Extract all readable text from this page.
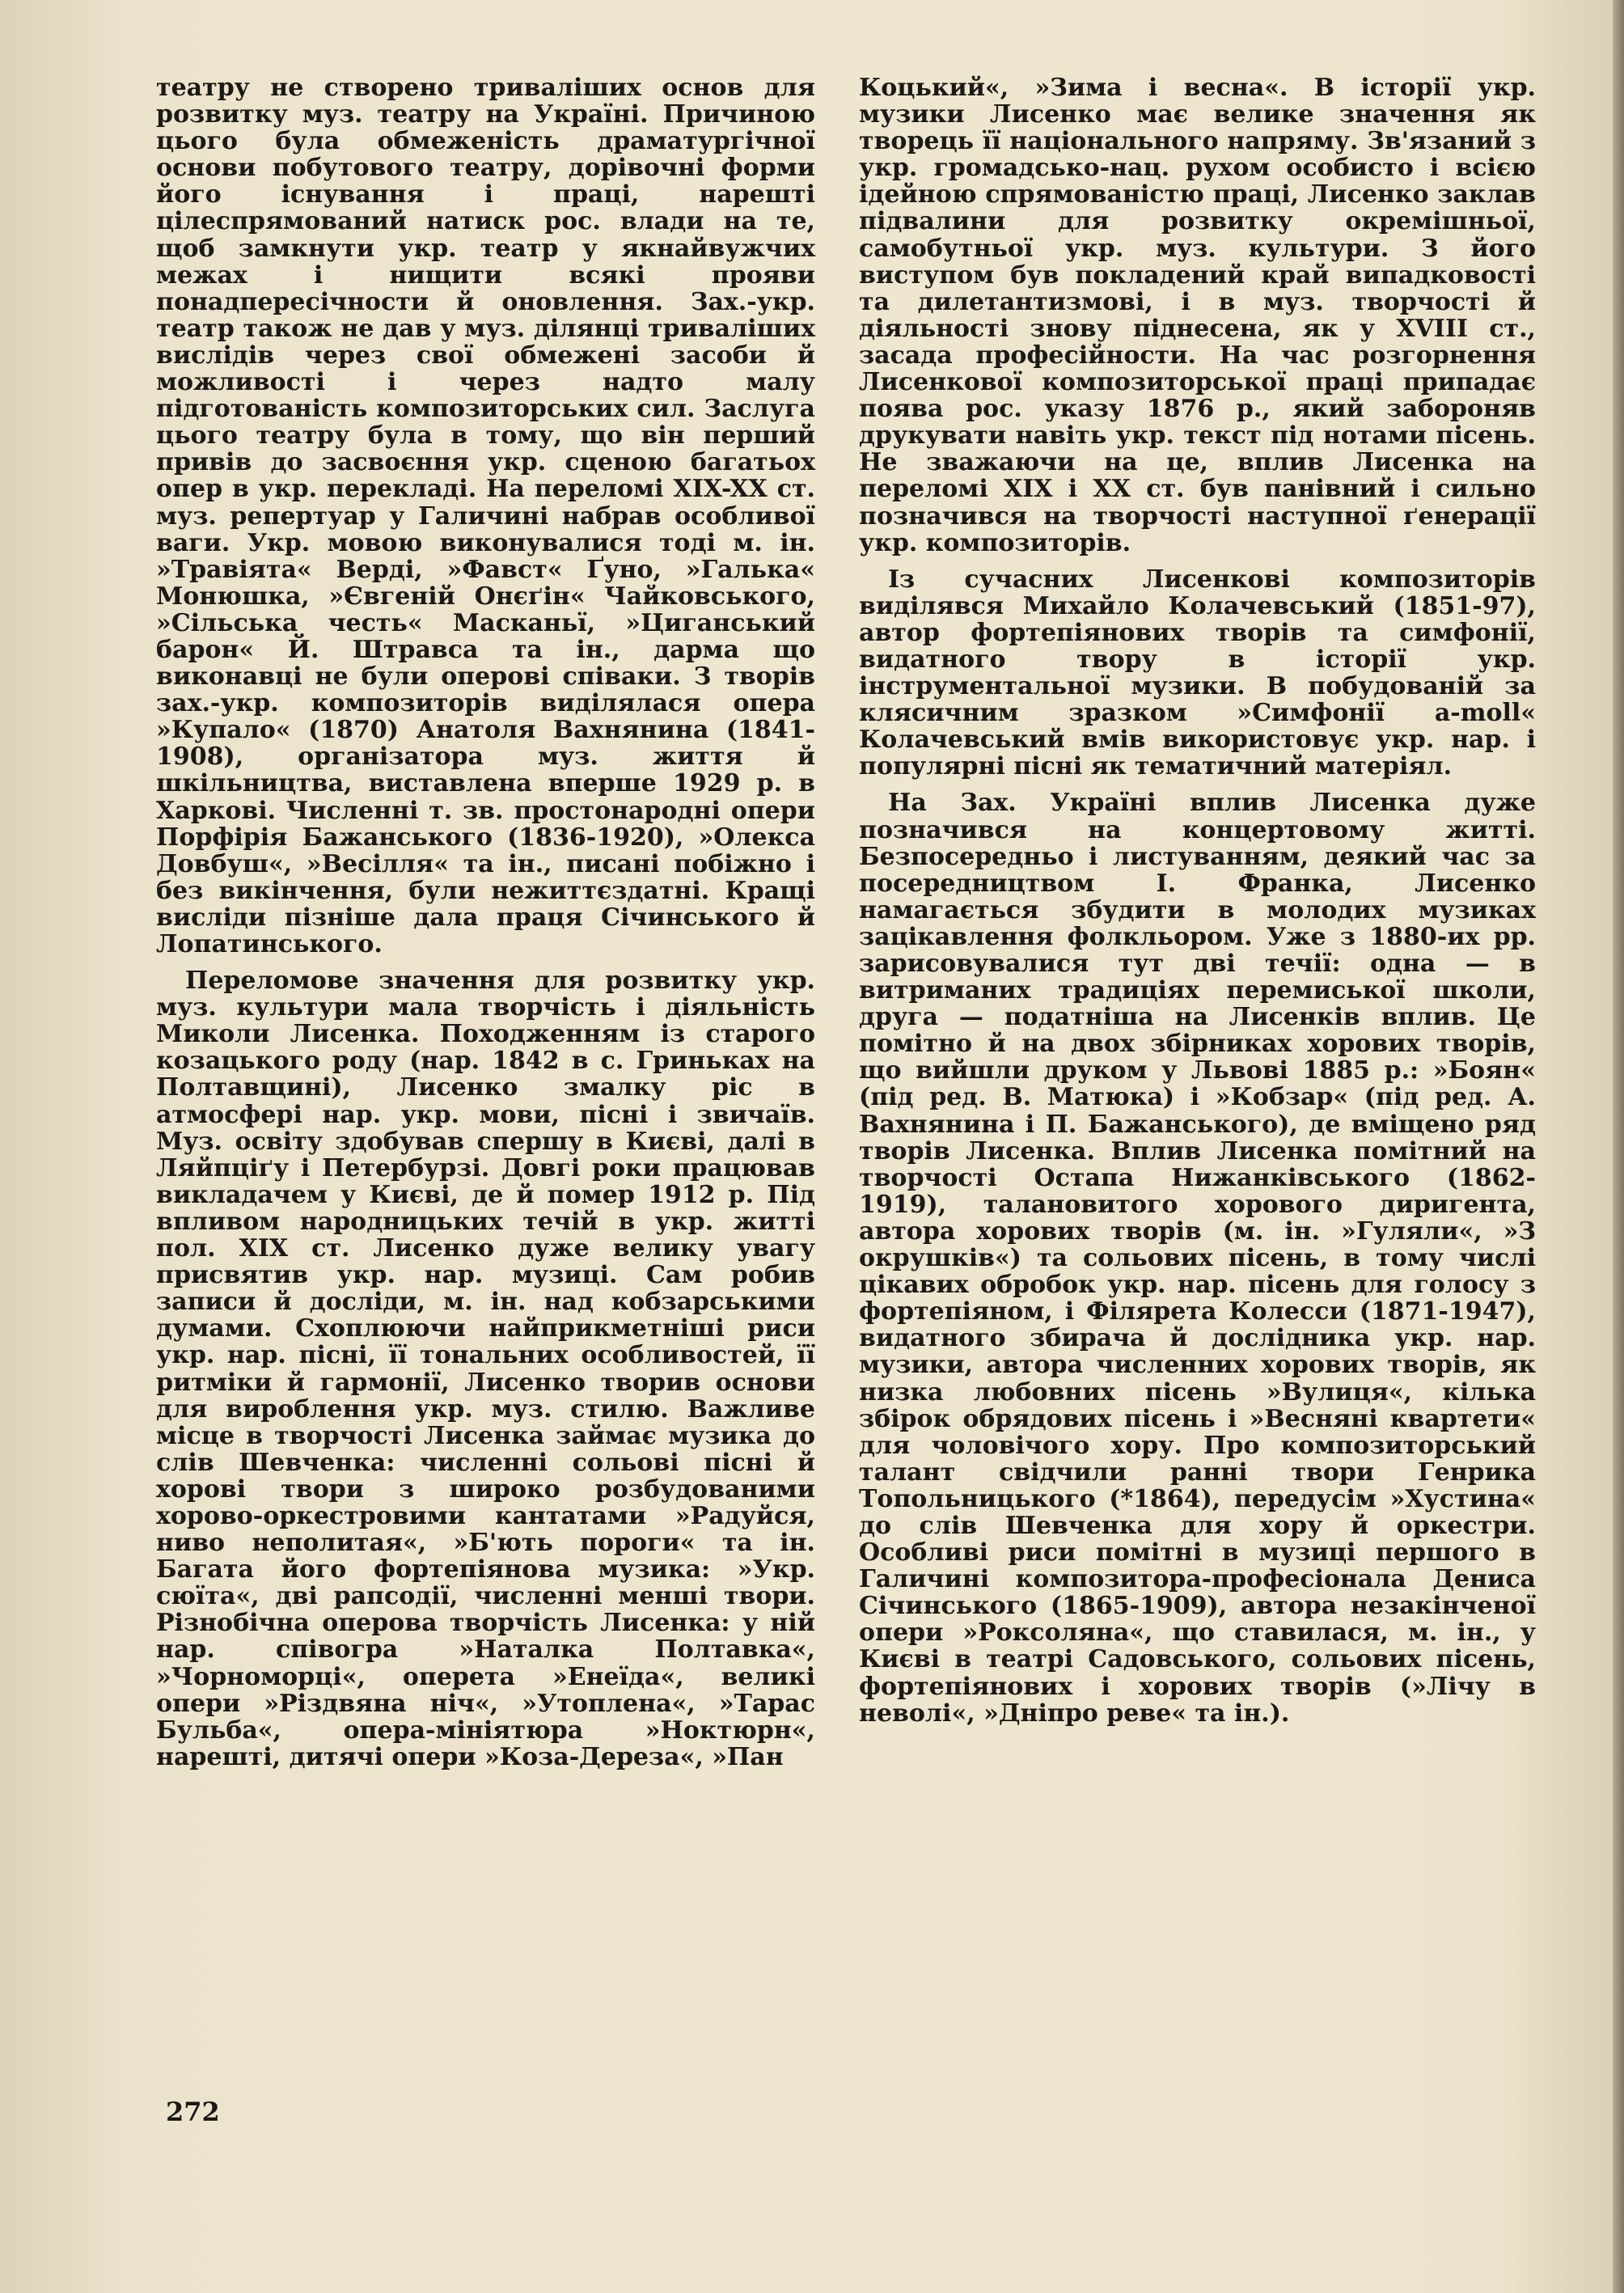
театру не створено триваліших основ для розвитку муз. театру на Україні. Причиною цього була обмеженість драматургічної основи побутового театру, дорівочні форми його існування і праці, нарешті цілеспрямований натиск рос. влади на те, щоб замкнути укр. театр у якнайвужчих межах і нищити всякі прояви понадпересічности й оновлення. Зах.-укр. театр також не дав у муз. ділянці триваліших вислідів через свої обмежені засоби й можливості і через надто малу підготованість композиторських сил. Заслуга цього театру була в тому, що він перший привів до засвоєння укр. сценою багатьох опер в укр. перекладі. На переломі XIX-XX ст. муз. репертуар у Галичині набрав особливої ваги. Укр. мовою виконувалися тоді м. ін. »Травіята« Верді, »Фавст« Ґуно, »Галька« Монюшка, »Євгеній Онєґін« Чайковського, »Сільська честь« Масканьї, »Циганський барон« Й. Штравса та ін., дарма що виконавці не були оперові співаки. З творів зах.-укр. композиторів виділялася опера »Купало« (1870) Анатоля Вахнянина (1841-1908), організатора муз. життя й шкільництва, виставлена вперше 1929 р. в Харкові. Численні т. зв. простонародні опери Порфірія Бажанського (1836-1920), »Олекса Довбуш«, »Весілля« та ін., писані побіжно і без викінчення, були нежиттєздатні. Кращі висліди пізніше дала праця Січинського й Лопатинського.

Переломове значення для розвитку укр. муз. культури мала творчість і діяльність Миколи Лисенка. Походженням із старого козацького роду (нар. 1842 в с. Гриньках на Полтавщині), Лисенко змалку ріс в атмосфері нар. укр. мови, пісні і звичаїв. Муз. освіту здобував спершу в Києві, далі в Ляйпціґу і Петербурзі. Довгі роки працював викладачем у Києві, де й помер 1912 р. Під впливом народницьких течій в укр. житті пол. XIX ст. Лисенко дуже велику увагу присвятив укр. нар. музиці. Сам робив записи й досліди, м. ін. над кобзарськими думами. Схоплюючи найприкметніші риси укр. нар. пісні, її тональних особливостей, її ритміки й гармонії, Лисенко творив основи для вироблення укр. муз. стилю. Важливе місце в творчості Лисенка займає музика до слів Шевченка: численні сольові пісні й хорові твори з широко розбудованими хорово-оркестровими кантатами »Радуйся, ниво неполитая«, »Б'ють пороги« та ін. Багата його фортепіянова музика: »Укр. сюїта«, дві рапсодії, численні менші твори. Різнобічна оперова творчість Лисенка: у ній нар. співогра »Наталка Полтавка«, »Чорноморці«, оперета »Енеїда«, великі опери »Різдвяна ніч«, »Утоплена«, »Тарас Бульба«, опера-мініятюра »Ноктюрн«, нарешті, дитячі опери »Коза-Дереза«, »Пан

Коцький«, »Зима і весна«. В історії укр. музики Лисенко має велике значення як творець її національного напряму. Зв'язаний з укр. громадсько-нац. рухом особисто і всією ідейною спрямованістю праці, Лисенко заклав підвалини для розвитку окремішньої, самобутньої укр. муз. культури. З його виступом був покладений край випадковості та дилетантизмові, і в муз. творчості й діяльності знову піднесена, як у XVIII ст., засада професійности. На час розгорнення Лисенкової композиторської праці припадає поява рос. указу 1876 р., який забороняв друкувати навіть укр. текст під нотами пісень. Не зважаючи на це, вплив Лисенка на переломі XIX і XX ст. був панівний і сильно позначився на творчості наступної ґенерації укр. композиторів.

Із сучасних Лисенкові композиторів виділявся Михайло Колачевський (1851-97), автор фортепіянових творів та симфонії, видатного твору в історії укр. інструментальної музики. В побудованій за клясичним зразком »Симфонії a-moll« Колачевський вмів використовує укр. нар. і популярні пісні як тематичний матеріял.

На Зах. Україні вплив Лисенка дуже позначився на концертовому житті. Безпосередньо і листуванням, деякий час за посередництвом І. Франка, Лисенко намагається збудити в молодих музиках зацікавлення фолкльором. Уже з 1880-их рр. зарисовувалися тут дві течії: одна — в витриманих традиціях перемиської школи, друга — податніша на Лисенків вплив. Це помітно й на двох збірниках хорових творів, що вийшли друком у Львові 1885 р.: »Боян« (під ред. В. Матюка) і »Кобзар« (під ред. А. Вахнянина і П. Бажанського), де вміщено ряд творів Лисенка. Вплив Лисенка помітний на творчості Остапа Нижанківського (1862-1919), талановитого хорового диригента, автора хорових творів (м. ін. »Гуляли«, »З окрушків«) та сольових пісень, в тому числі цікавих обробок укр. нар. пісень для голосу з фортепіяном, і Філярета Колесси (1871-1947), видатного збирача й дослідника укр. нар. музики, автора численних хорових творів, як низка любовних пісень »Вулиця«, кілька збірок обрядових пісень і »Весняні квартети« для чоловічого хору. Про композиторський талант свідчили ранні твори Генрика Топольницького (*1864), передусім »Хустина« до слів Шевченка для хору й оркестри. Особливі риси помітні в музиці першого в Галичині композитора-професіонала Дениса Січинського (1865-1909), автора незакінченої опери »Роксоляна«, що ставилася, м. ін., у Києві в театрі Садовського, сольових пісень, фортепіянових і хорових творів (»Лічу в неволі«, »Дніпро реве« та ін.).

272
